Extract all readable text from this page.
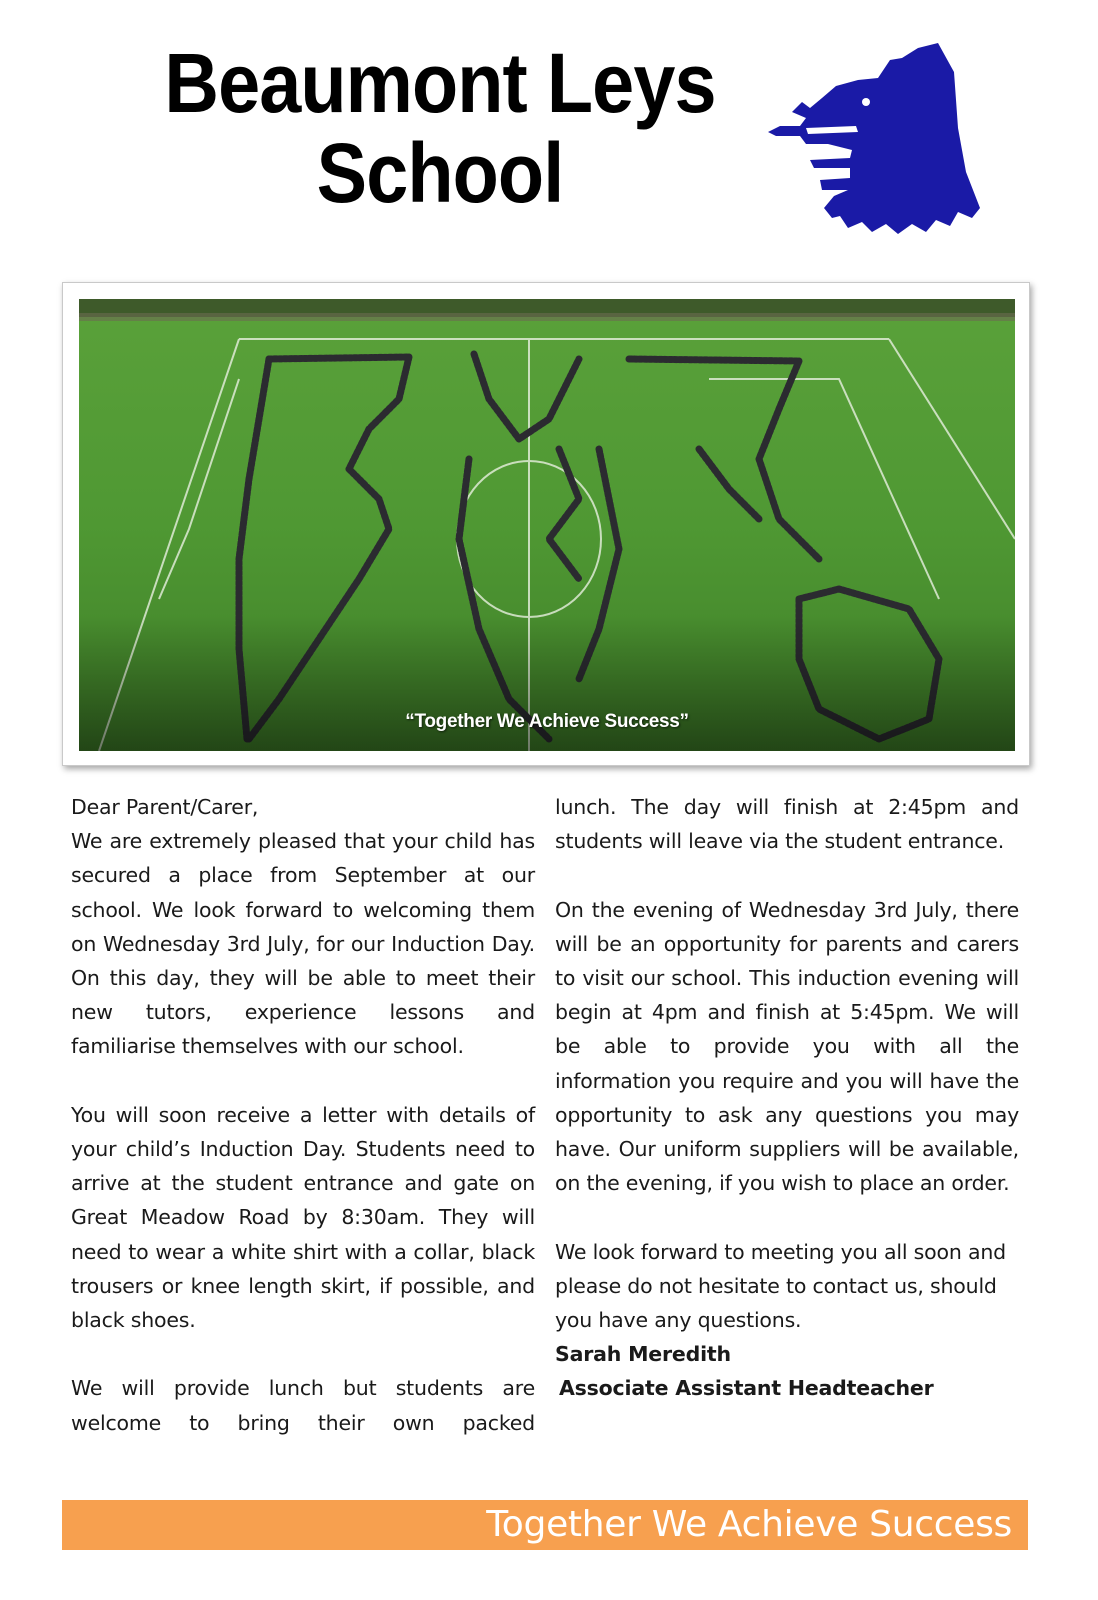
Beaumont Leys
School
“Together We Achieve Success”

Dear Parent/Carer,

We are extremely pleased that your child has secured a place from September at our school. We look forward to welcoming them on Wednesday 3rd July, for our Induction Day. On this day, they will be able to meet their new tutors, experience lessons and familiarise themselves with our school.

You will soon receive a letter with details of your child’s Induction Day. Students need to arrive at the student entrance and gate on Great Meadow Road by 8:30am. They will need to wear a white shirt with a collar, black trousers or knee length skirt, if possible, and black shoes.

We will provide lunch but students are welcome to bring their own packed

lunch. The day will finish at 2:45pm and students will leave via the student entrance.

On the evening of Wednesday 3rd July, there will be an opportunity for parents and carers to visit our school. This induction evening will begin at 4pm and finish at 5:45pm. We will be able to provide you with all the information you require and you will have the opportunity to ask any questions you may have. Our uniform suppliers will be available, on the evening, if you wish to place an order.

We look forward to meeting you all soon and please do not hesitate to contact us, should you have any questions.

Sarah Meredith

Associate Assistant Headteacher

Together We Achieve Success
